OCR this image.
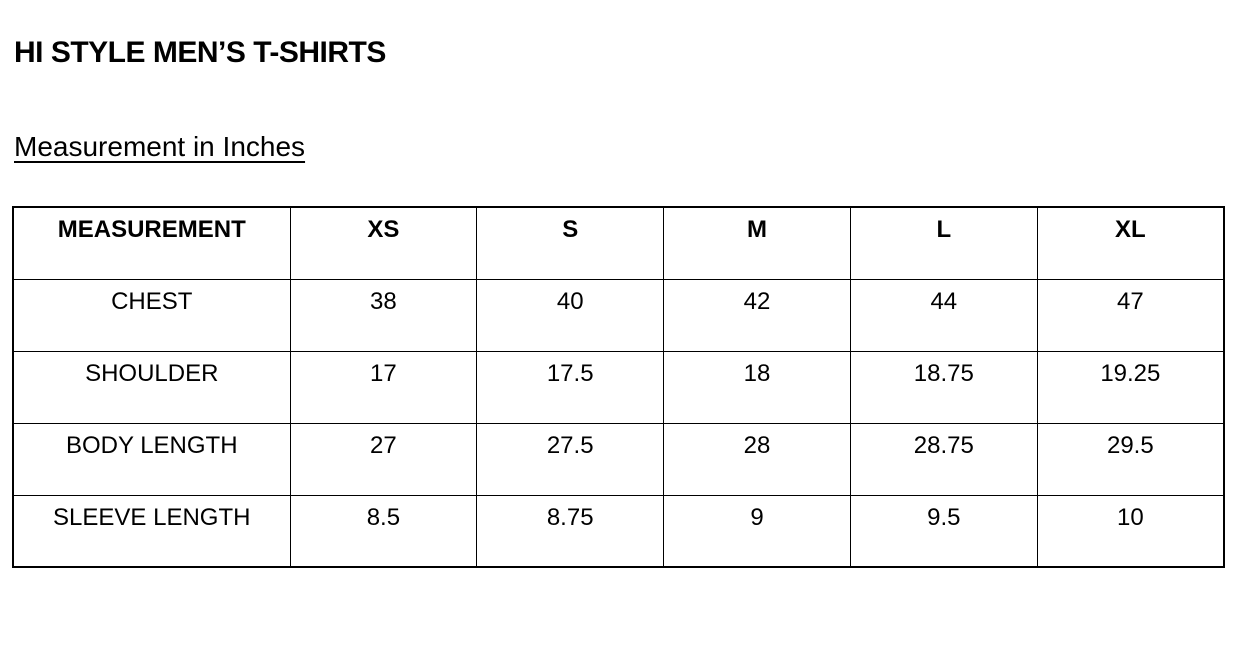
HI STYLE MEN’S T-SHIRTS
Measurement in Inches
MEASUREMENT	XS	S	M	L	XL
CHEST	38	40	42	44	47
SHOULDER	17	17.5	18	18.75	19.25
BODY LENGTH	27	27.5	28	28.75	29.5
SLEEVE LENGTH	8.5	8.75	9	9.5	10
